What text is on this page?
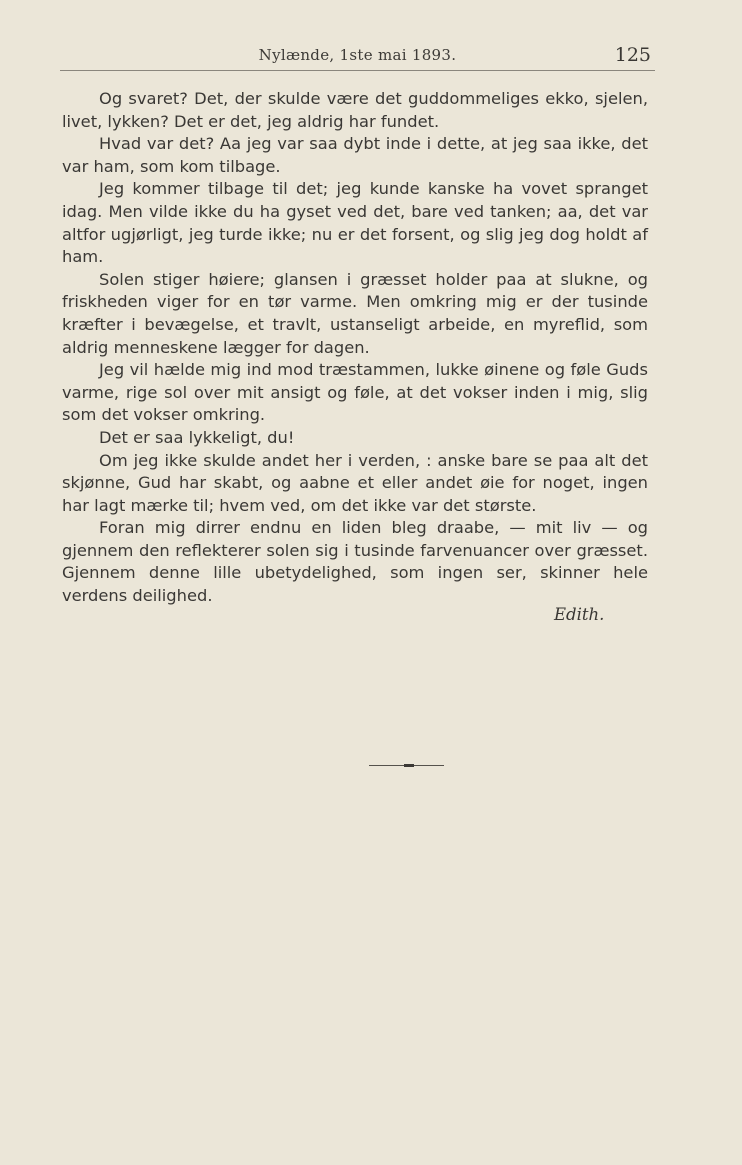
Nylænde, 1ste mai 1893.	125

Og svaret? Det, der skulde være det guddommeliges ekko, sjelen, livet, lykken? Det er det, jeg aldrig har fundet.

Hvad var det? Aa jeg var saa dybt inde i dette, at jeg saa ikke, det var ham, som kom tilbage.

Jeg kommer tilbage til det; jeg kunde kanske ha vovet spranget idag. Men vilde ikke du ha gyset ved det, bare ved tanken; aa, det var altfor ugjørligt, jeg turde ikke; nu er det forsent, og slig jeg dog holdt af ham.

Solen stiger høiere; glansen i græsset holder paa at slukne, og friskheden viger for en tør varme. Men omkring mig er der tusinde kræfter i bevægelse, et travlt, ustanseligt arbeide, en myreflid, som aldrig menneskene lægger for dagen.

Jeg vil hælde mig ind mod træstammen, lukke øinene og føle Guds varme, rige sol over mit ansigt og føle, at det vokser inden i mig, slig som det vokser omkring.

Det er saa lykkeligt, du!

Om jeg ikke skulde andet her i verden, : anske bare se paa alt det skjønne, Gud har skabt, og aabne et eller andet øie for noget, ingen har lagt mærke til; hvem ved, om det ikke var det største.

Foran mig dirrer endnu en liden bleg draabe, — mit liv — og gjennem den reflekterer solen sig i tusinde farvenuancer over græsset. Gjennem denne lille ubetydelighed, som ingen ser, skinner hele verdens deilighed.

Edith.
